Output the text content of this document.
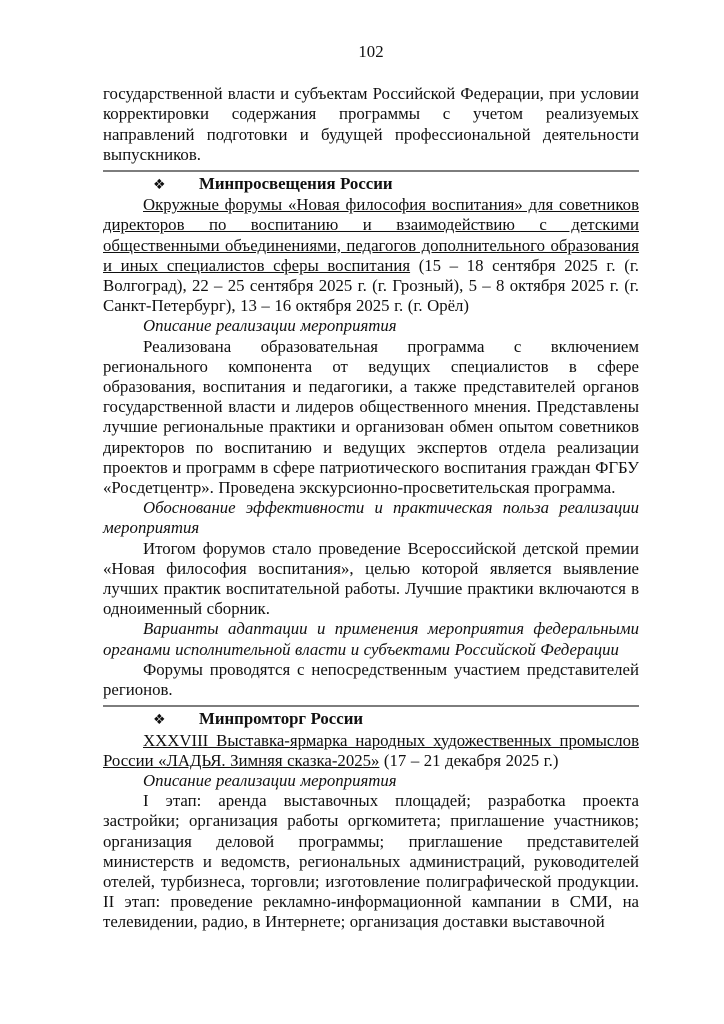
102

государственной власти и субъектам Российской Федерации, при условии корректировки содержания программы с учетом реализуемых направлений подготовки и будущей профессиональной деятельности выпускников.

❖ Минпросвещения России

Окружные форумы «Новая философия воспитания» для советников директоров по воспитанию и взаимодействию с детскими общественными объединениями, педагогов дополнительного образования и иных специалистов сферы воспитания (15 – 18 сентября 2025 г. (г. Волгоград), 22 – 25 сентября 2025 г. (г. Грозный), 5 – 8 октября 2025 г. (г. Санкт-Петербург), 13 – 16 октября 2025 г. (г. Орёл)

Описание реализации мероприятия

Реализована образовательная программа с включением регионального компонента от ведущих специалистов в сфере образования, воспитания и педагогики, а также представителей органов государственной власти и лидеров общественного мнения. Представлены лучшие региональные практики и организован обмен опытом советников директоров по воспитанию и ведущих экспертов отдела реализации проектов и программ в сфере патриотического воспитания граждан ФГБУ «Росдетцентр». Проведена экскурсионно-просветительская программа.

Обоснование эффективности и практическая польза реализации мероприятия

Итогом форумов стало проведение Всероссийской детской премии «Новая философия воспитания», целью которой является выявление лучших практик воспитательной работы. Лучшие практики включаются в одноименный сборник.

Варианты адаптации и применения мероприятия федеральными органами исполнительной власти и субъектами Российской Федерации

Форумы проводятся с непосредственным участием представителей регионов.

❖ Минпромторг России

XXXVIII Выставка-ярмарка народных художественных промыслов России «ЛАДЬЯ. Зимняя сказка-2025» (17 – 21 декабря 2025 г.)

Описание реализации мероприятия

I этап: аренда выставочных площадей; разработка проекта застройки; организация работы оргкомитета; приглашение участников; организация деловой программы; приглашение представителей министерств и ведомств, региональных администраций, руководителей отелей, турбизнеса, торговли; изготовление полиграфической продукции. II этап: проведение рекламно-информационной кампании в СМИ, на телевидении, радио, в Интернете; организация доставки выставочной
